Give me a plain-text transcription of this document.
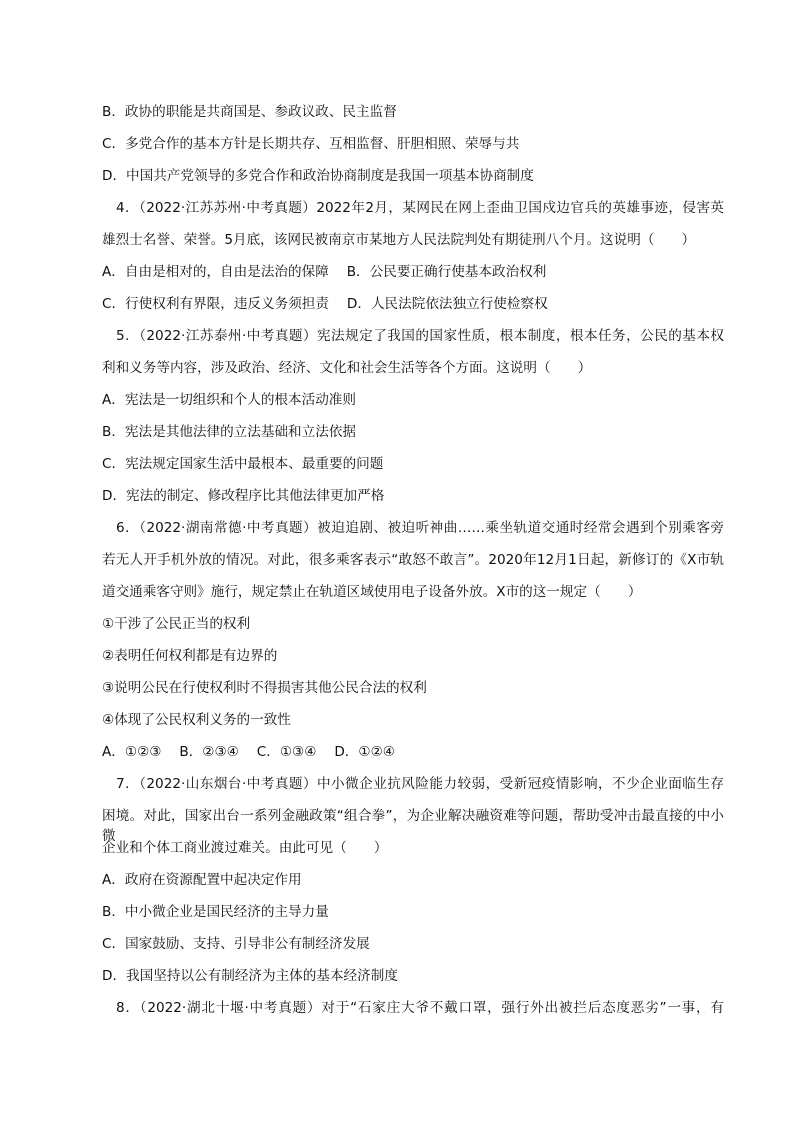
B．政协的职能是共商国是、参政议政、民主监督
C．多党合作的基本方针是长期共存、互相监督、肝胆相照、荣辱与共
D．中国共产党领导的多党合作和政治协商制度是我国一项基本协商制度
4．（2022·江苏苏州·中考真题）2022年2月，某网民在网上歪曲卫国戍边官兵的英雄事迹，侵害英
雄烈士名誉、荣誉。5月底，该网民被南京市某地方人民法院判处有期徒刑八个月。这说明（　　）
A．自由是相对的，自由是法治的保障　 B．公民要正确行使基本政治权利
C．行使权利有界限，违反义务须担责　 D．人民法院依法独立行使检察权
5．（2022·江苏泰州·中考真题）宪法规定了我国的国家性质，根本制度，根本任务，公民的基本权
利和义务等内容，涉及政治、经济、文化和社会生活等各个方面。这说明（　　）
A．宪法是一切组织和个人的根本活动准则
B．宪法是其他法律的立法基础和立法依据
C．宪法规定国家生活中最根本、最重要的问题
D．宪法的制定、修改程序比其他法律更加严格
6．（2022·湖南常德·中考真题）被迫追剧、被迫听神曲……乘坐轨道交通时经常会遇到个别乘客旁
若无人开手机外放的情况。对此，很多乘客表示“敢怒不敢言”。2020年12月1日起，新修订的《X市轨
道交通乘客守则》施行，规定禁止在轨道区域使用电子设备外放。X市的这一规定（　　）
①干涉了公民正当的权利
②表明任何权利都是有边界的
③说明公民在行使权利时不得损害其他公民合法的权利
④体现了公民权利义务的一致性
A．①②③　 B．②③④　 C．①③④　 D．①②④
7．（2022·山东烟台·中考真题）中小微企业抗风险能力较弱，受新冠疫情影响，不少企业面临生存
困境。对此，国家出台一系列金融政策“组合拳”，为企业解决融资难等问题，帮助受冲击最直接的中小微
企业和个体工商业渡过难关。由此可见（　　）
A．政府在资源配置中起决定作用
B．中小微企业是国民经济的主导力量
C．国家鼓励、支持、引导非公有制经济发展
D．我国坚持以公有制经济为主体的基本经济制度
8．（2022·湖北十堰·中考真题）对于“石家庄大爷不戴口罩，强行外出被拦后态度恶劣”一事，有
